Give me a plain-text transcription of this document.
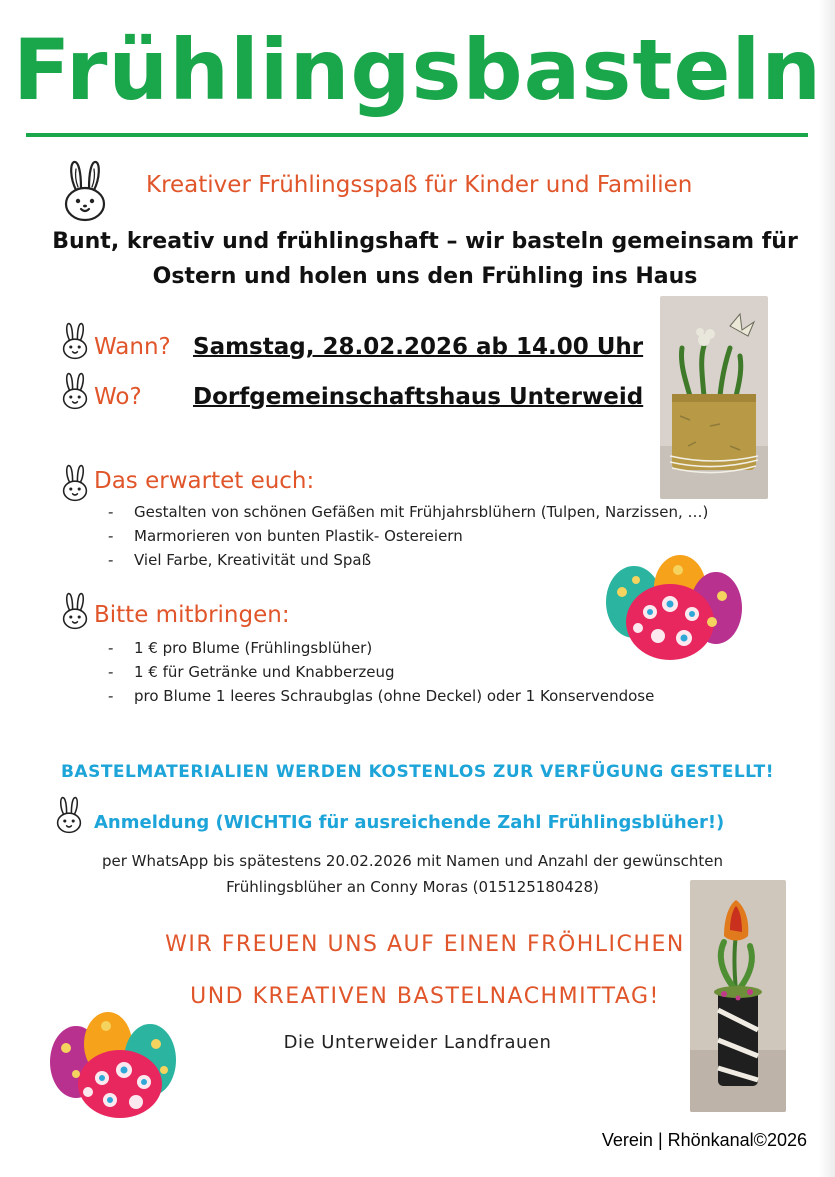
Frühlingsbasteln
Kreativer Frühlingsspaß für Kinder und Familien
Bunt, kreativ und frühlingshaft – wir basteln gemeinsam für
Ostern und holen uns den Frühling ins Haus
Wann? Samstag, 28.02.2026 ab 14.00 Uhr
Wo? Dorfgemeinschaftshaus Unterweid
Das erwartet euch:
- Gestalten von schönen Gefäßen mit Frühjahrsblühern (Tulpen, Narzissen, …)
- Marmorieren von bunten Plastik- Ostereiern
- Viel Farbe, Kreativität und Spaß
Bitte mitbringen:
- 1 € pro Blume (Frühlingsblüher)
- 1 € für Getränke und Knabberzeug
- pro Blume 1 leeres Schraubglas (ohne Deckel) oder 1 Konservendose
BASTELMATERIALIEN WERDEN KOSTENLOS ZUR VERFÜGUNG GESTELLT!
Anmeldung (WICHTIG für ausreichende Zahl Frühlingsblüher!)
per WhatsApp bis spätestens 20.02.2026 mit Namen und Anzahl der gewünschten
Frühlingsblüher an Conny Moras (015125180428)
WIR FREUEN UNS AUF EINEN FRÖHLICHEN
UND KREATIVEN BASTELNACHMITTAG!
Die Unterweider Landfrauen
Verein | Rhönkanal©2026
